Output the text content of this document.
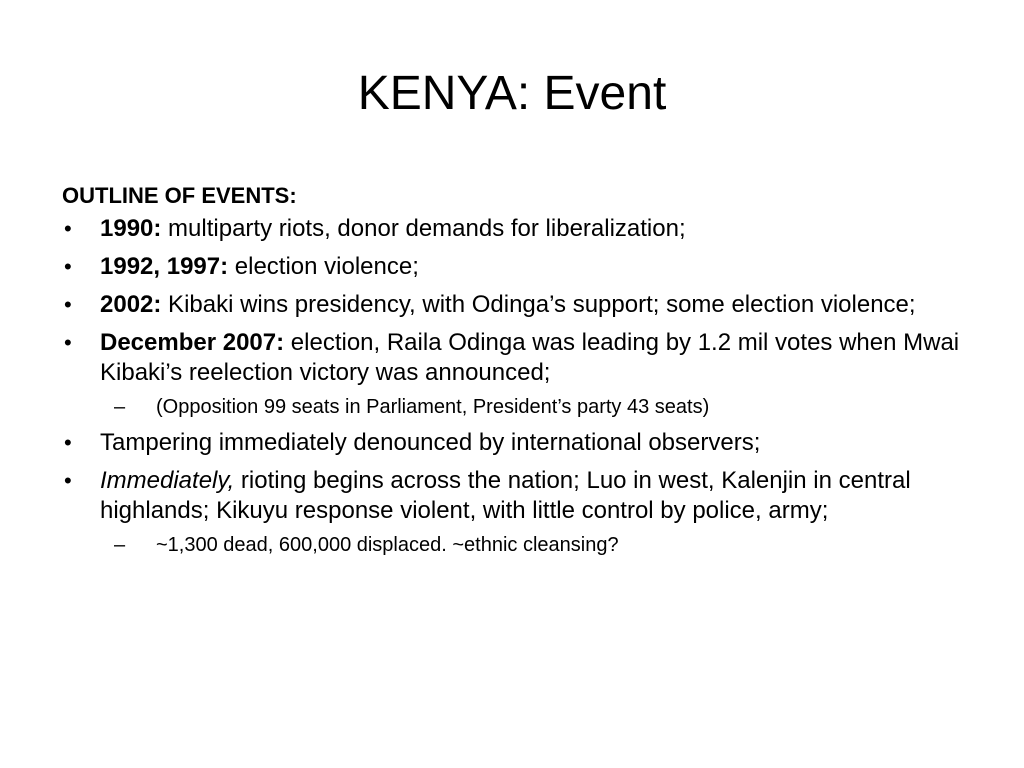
KENYA: Event
OUTLINE OF EVENTS:
• 1990: multiparty riots, donor demands for liberalization;
• 1992, 1997: election violence;
• 2002: Kibaki wins presidency, with Odinga’s support; some election violence;
• December 2007: election, Raila Odinga was leading by 1.2 mil votes when Mwai Kibaki’s reelection victory was announced;
– (Opposition 99 seats in Parliament, President’s party 43 seats)
• Tampering immediately denounced by international observers;
• Immediately, rioting begins across the nation; Luo in west, Kalenjin in central highlands; Kikuyu response violent, with little control by police, army;
– ~1,300 dead, 600,000 displaced. ~ethnic cleansing?
